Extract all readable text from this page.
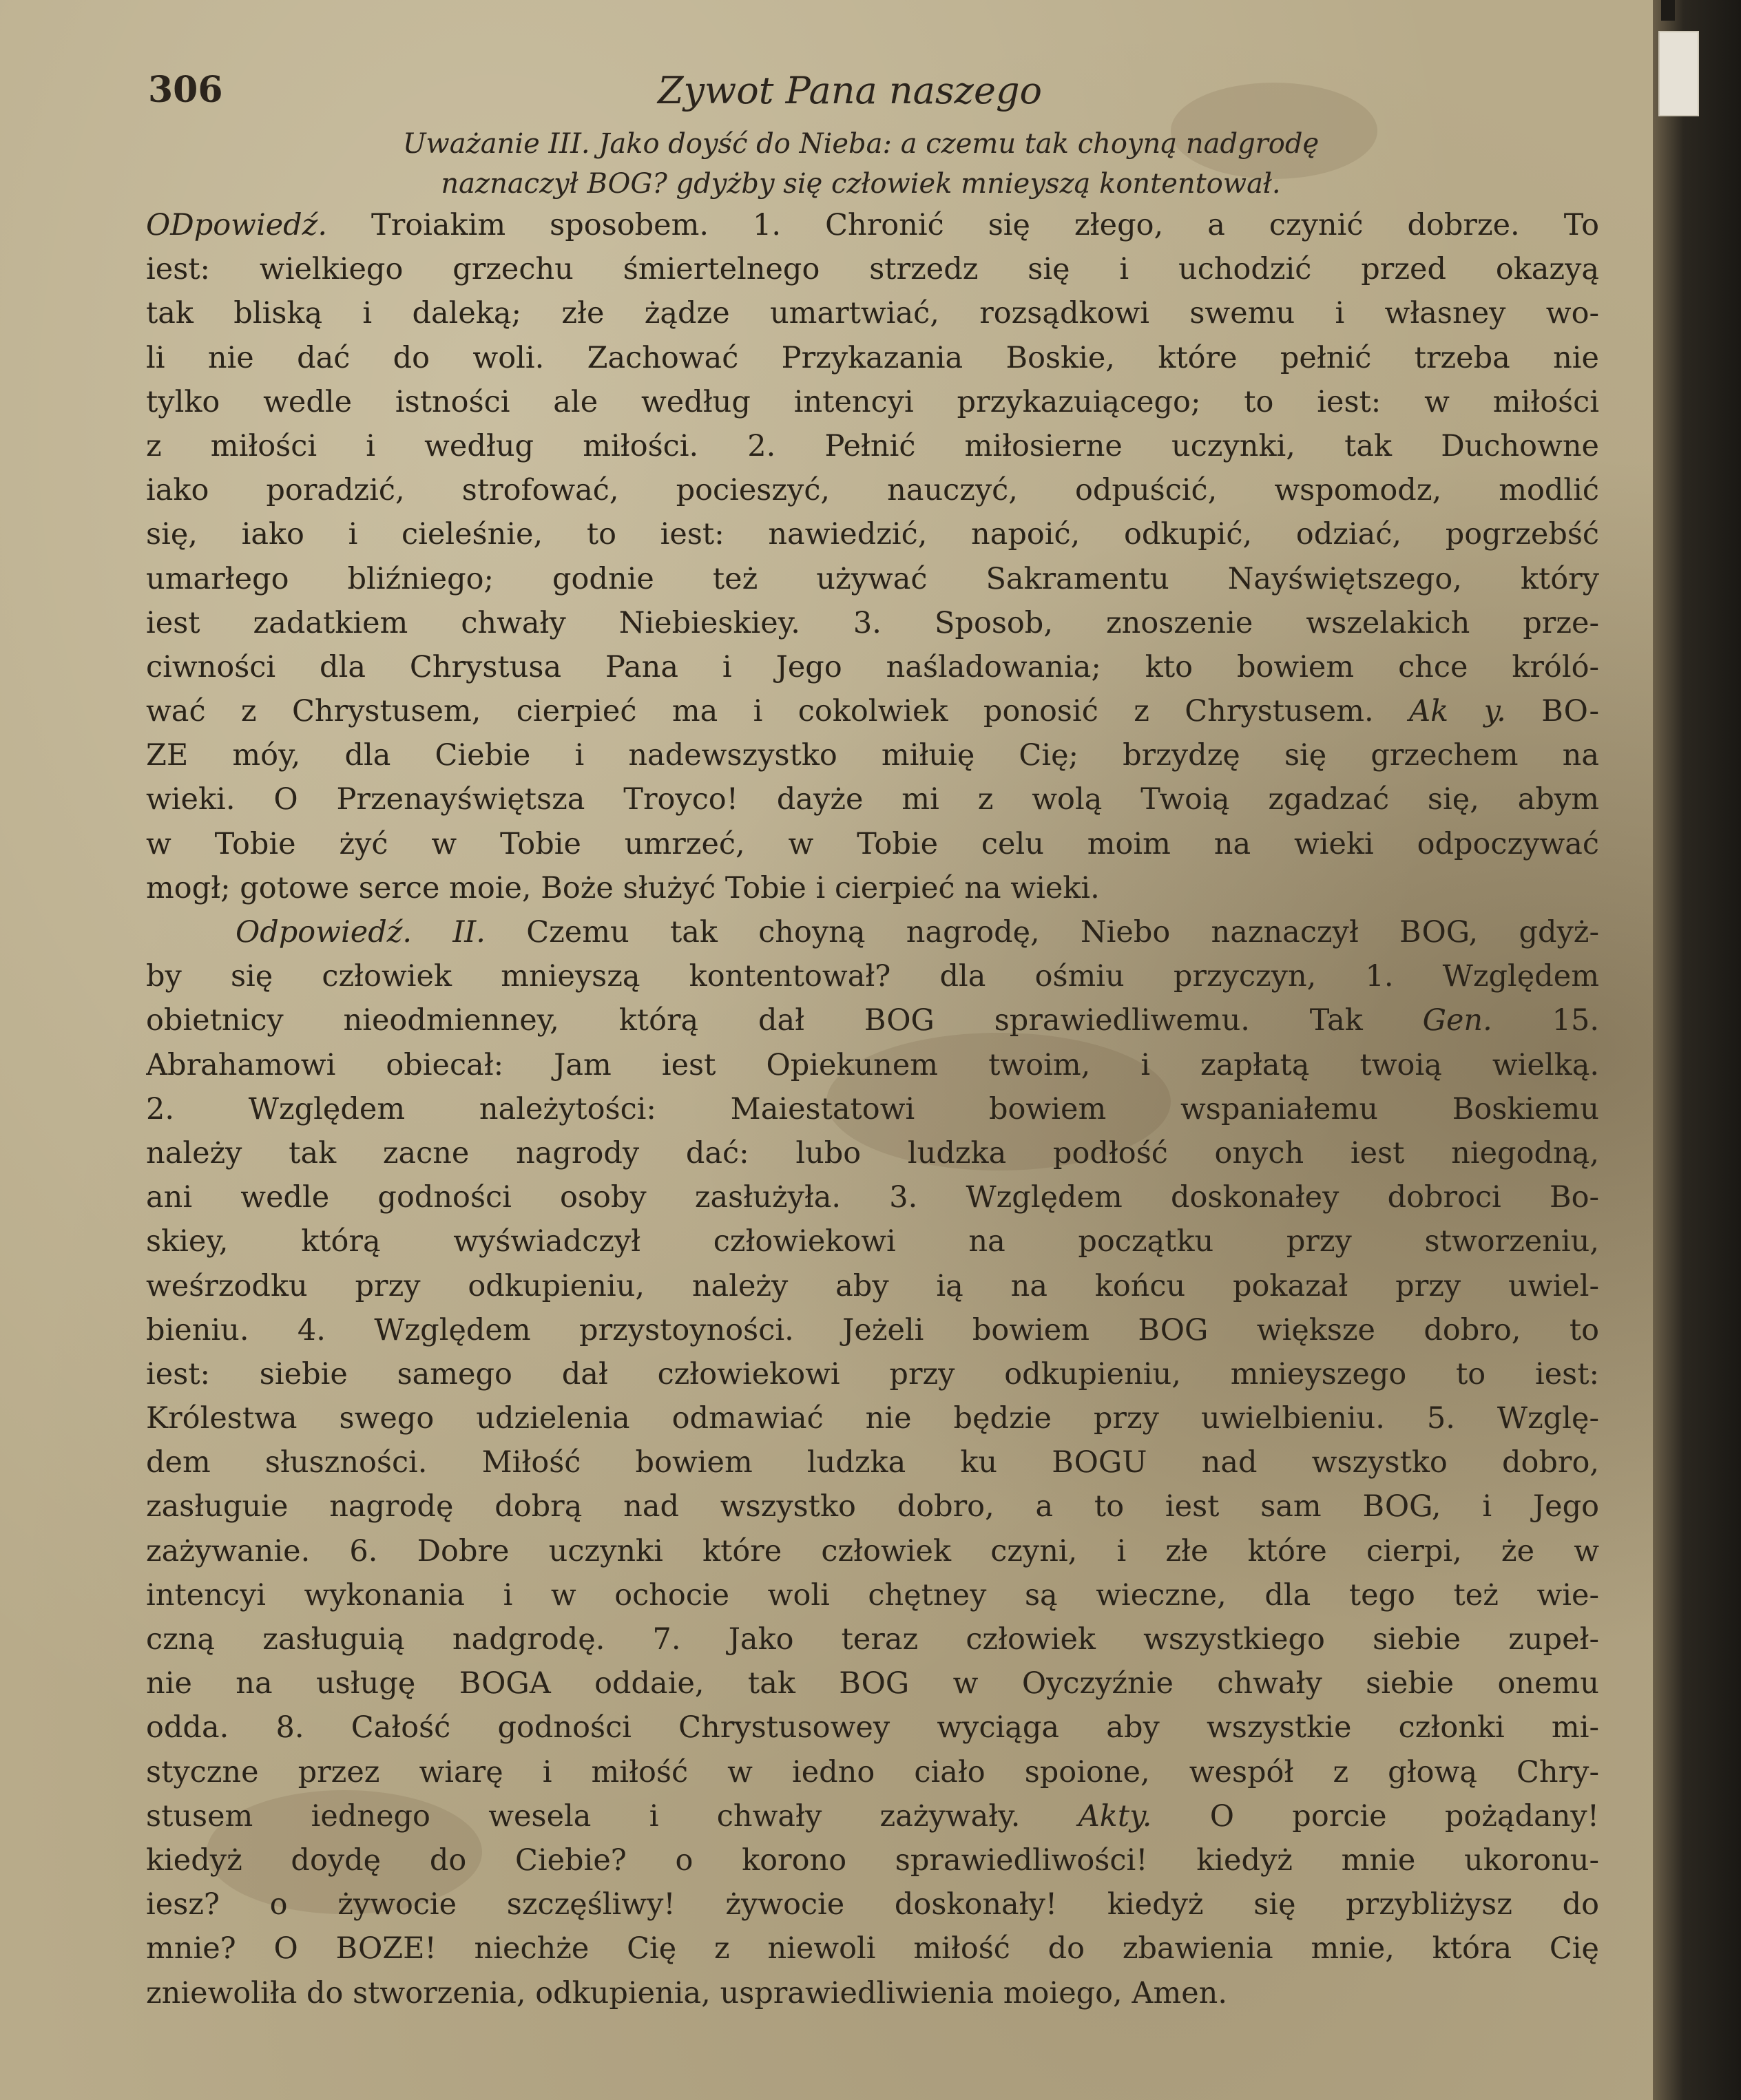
306	Zywot Pana naszego
Uważanie III. Jako doyść do Nieba: a czemu tak choyną nadgrodę
naznaczył BOG? gdyżby się człowiek mnieyszą kontentował.
ODpowiedź. Troiakim sposobem. 1. Chronić się złego, a czynić dobrze. To
iest: wielkiego grzechu śmiertelnego strzedz się i uchodzić przed okazyą
tak bliską i daleką; złe żądze umartwiać, rozsądkowi swemu i własney wo-
li nie dać do woli. Zachować Przykazania Boskie, które pełnić trzeba nie
tylko wedle istności ale według intencyi przykazuiącego; to iest: w miłości
z miłości i według miłości. 2. Pełnić miłosierne uczynki, tak Duchowne
iako poradzić, strofować, pocieszyć, nauczyć, odpuścić, wspomodz, modlić
się, iako i cieleśnie, to iest: nawiedzić, napoić, odkupić, odziać, pogrzebść
umarłego bliźniego; godnie też używać Sakramentu Nayświętszego, który
iest zadatkiem chwały Niebieskiey. 3. Sposob, znoszenie wszelakich prze-
ciwności dla Chrystusa Pana i Jego naśladowania; kto bowiem chce króló-
wać z Chrystusem, cierpieć ma i cokolwiek ponosić z Chrystusem. Ak y. BO-
ZE móy, dla Ciebie i nadewszystko miłuię Cię; brzydzę się grzechem na
wieki. O Przenayświętsza Troyco! dayże mi z wolą Twoią zgadzać się, abym
w Tobie żyć w Tobie umrzeć, w Tobie celu moim na wieki odpoczywać
mogł; gotowe serce moie, Boże służyć Tobie i cierpieć na wieki.
Odpowiedź. II. Czemu tak choyną nagrodę, Niebo naznaczył BOG, gdyż-
by się człowiek mnieyszą kontentował? dla ośmiu przyczyn, 1. Względem
obietnicy nieodmienney, którą dał BOG sprawiedliwemu. Tak Gen. 15.
Abrahamowi obiecał: Jam iest Opiekunem twoim, i zapłatą twoią wielką.
2. Względem należytości: Maiestatowi bowiem wspaniałemu Boskiemu
należy tak zacne nagrody dać: lubo ludzka podłość onych iest niegodną,
ani wedle godności osoby zasłużyła. 3. Względem doskonałey dobroci Bo-
skiey, którą wyświadczył człowiekowi na początku przy stworzeniu,
weśrzodku przy odkupieniu, należy aby ią na końcu pokazał przy uwiel-
bieniu. 4. Względem przystoyności. Jeżeli bowiem BOG większe dobro, to
iest: siebie samego dał człowiekowi przy odkupieniu, mnieyszego to iest:
Królestwa swego udzielenia odmawiać nie będzie przy uwielbieniu. 5. Wzglę-
dem słuszności. Miłość bowiem ludzka ku BOGU nad wszystko dobro,
zasługuie nagrodę dobrą nad wszystko dobro, a to iest sam BOG, i Jego
zażywanie. 6. Dobre uczynki które człowiek czyni, i złe które cierpi, że w
intencyi wykonania i w ochocie woli chętney są wieczne, dla tego też wie-
czną zasługuią nadgrodę. 7. Jako teraz człowiek wszystkiego siebie zupeł-
nie na usługę BOGA oddaie, tak BOG w Oyczyźnie chwały siebie onemu
odda. 8. Całość godności Chrystusowey wyciąga aby wszystkie członki mi-
styczne przez wiarę i miłość w iedno ciało spoione, wespół z głową Chry-
stusem iednego wesela i chwały zażywały. Akty. O porcie pożądany!
kiedyż doydę do Ciebie? o korono sprawiedliwości! kiedyż mnie ukoronu-
iesz? o żywocie szczęśliwy! żywocie doskonały! kiedyż się przybliżysz do
mnie? O BOZE! niechże Cię z niewoli miłość do zbawienia mnie, która Cię
zniewoliła do stworzenia, odkupienia, usprawiedliwienia moiego, Amen.
